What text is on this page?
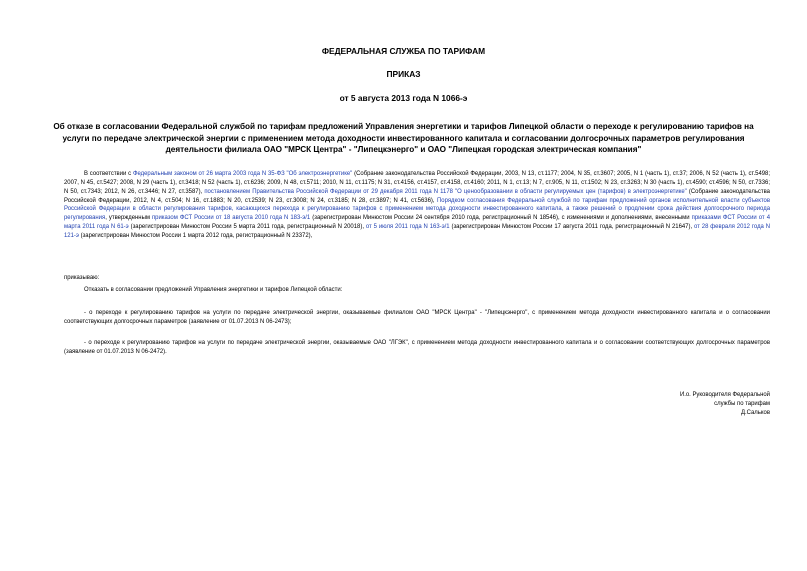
ФЕДЕРАЛЬНАЯ СЛУЖБА ПО ТАРИФАМ
ПРИКАЗ
от 5 августа 2013 года N 1066-э
Об отказе в согласовании Федеральной службой по тарифам предложений Управления энергетики и тарифов Липецкой области о переходе к регулированию тарифов на услуги по передаче электрической энергии с применением метода доходности инвестированного капитала и согласовании долгосрочных параметров регулирования деятельности филиала ОАО "МРСК Центра" - "Липецкэнерго" и ОАО "Липецкая городская электрическая компания"
В соответствии с Федеральным законом от 26 марта 2003 года N 35-ФЗ "Об электроэнергетике" (Собрание законодательства Российской Федерации, 2003, N 13, ст.1177; 2004, N 35, ст.3607; 2005, N 1 (часть 1), ст.37; 2006, N 52 (часть 1), ст.5498; 2007, N 45, ст.5427; 2008, N 29 (часть 1), ст.3418; N 52 (часть 1), ст.6236; 2009, N 48, ст.5711; 2010, N 11, ст.1175; N 31, ст.4156, ст.4157, ст.4158, ст.4160; 2011, N 1, ст.13; N 7, ст.905, N 11, ст.1502; N 23, ст.3263; N 30 (часть 1), ст.4590; ст.4596; N 50, ст.7336; N 50, ст.7343; 2012, N 26, ст.3446; N 27, ст.3587), постановлением Правительства Российской Федерации от 29 декабря 2011 года N 1178 "О ценообразовании в области регулируемых цен (тарифов) в электроэнергетике" (Собрание законодательства Российской Федерации, 2012, N 4, ст.504; N 16, ст.1883; N 20, ст.2539; N 23, ст.3008; N 24, ст.3185; N 28, ст.3897; N 41, ст.5636), Порядком согласования Федеральной службой по тарифам предложений органов исполнительной власти субъектов Российской Федерации в области регулирования тарифов, касающихся перехода к регулированию тарифов с применением метода доходности инвестированного капитала, а также решений о продлении срока действия долгосрочного периода регулирования, утвержденным приказом ФСТ России от 18 августа 2010 года N 183-э/1 (зарегистрирован Минюстом России 24 сентября 2010 года, регистрационный N 18546), с изменениями и дополнениями, внесенными приказами ФСТ России от 4 марта 2011 года N 61-э (зарегистрирован Минюстом России 5 марта 2011 года, регистрационный N 20018), от 5 июля 2011 года N 163-э/1 (зарегистрирован Минюстом России 17 августа 2011 года, регистрационный N 21647), от 28 февраля 2012 года N 121-э (зарегистрирован Минюстом России 1 марта 2012 года, регистрационный N 23372),
приказываю:
Отказать в согласовании предложений Управления энергетики и тарифов Липецкой области:
- о переходе к регулированию тарифов на услуги по передаче электрической энергии, оказываемые филиалом ОАО "МРСК Центра" - "Липецкэнерго", с применением метода доходности инвестированного капитала и о согласовании соответствующих долгосрочных параметров (заявление от 01.07.2013 N 06-2473);
- о переходе к регулированию тарифов на услуги по передаче электрической энергии, оказываемые ОАО "ЛГЭК", с применением метода доходности инвестированного капитала и о согласовании соответствующих долгосрочных параметров (заявление от 01.07.2013 N 06-2472).
И.о. Руководителя Федеральной
службы по тарифам
Д.Сальков
